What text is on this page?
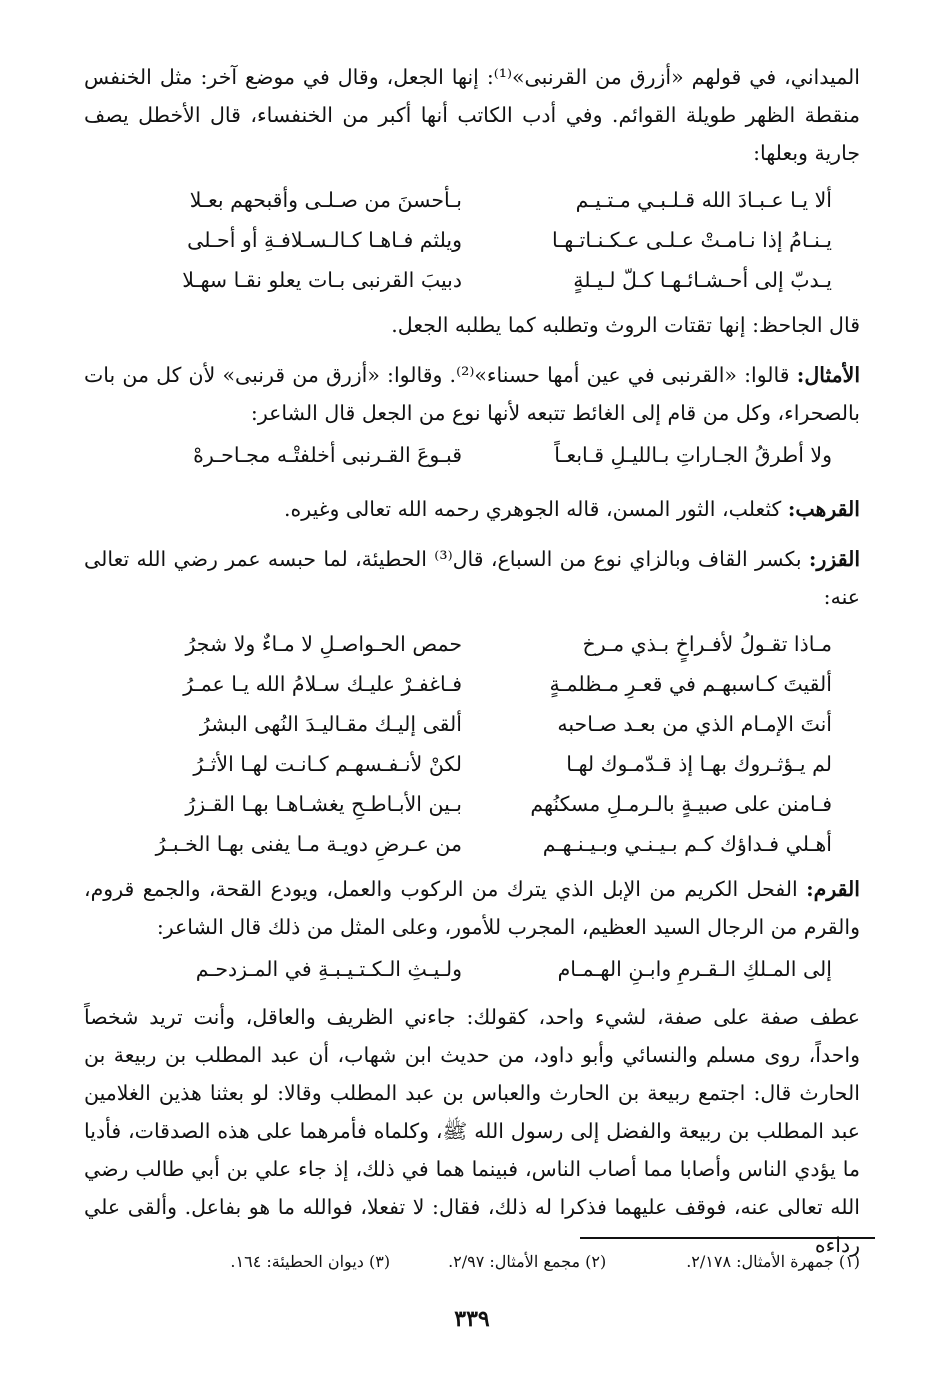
الميداني، في قولهم «أزرق من القرنبى»⁽¹⁾: إنها الجعل، وقال في موضع آخر: مثل الخنفس منقطة الظهر طويلة القوائم. وفي أدب الكاتب أنها أكبر من الخنفساء، قال الأخطل يصف جارية وبعلها:

ألا يـا عـبـادَ الله قـلـبـي مـتـيـم
بـأحسنَ من صـلـى وأقبحهم بعـلا
يـنـامُ إذا نـامـتْ عـلـى عـكـنـاتـهـا
ويلثم فـاهـا كـالـسـلافـةِ أو أحـلى
يـدبّ إلى أحـشـائـهـا كـلّ لـيـلةٍ
دبيبَ القرنبى بـات يعلو نقـا سهـلا

قال الجاحظ: إنها تقتات الروث وتطلبه كما يطلبه الجعل.

الأمثال: قالوا: «القرنبى في عين أمها حسناء»⁽²⁾. وقالوا: «أزرق من قرنبى» لأن كل من بات بالصحراء، وكل من قام إلى الغائط تتبعه لأنها نوع من الجعل قال الشاعر:

ولا أطرقُ الجـاراتِ بـالليـلِ قـابعـاً
قبـوعَ القـرنبى أخلفتْـه مجـاحـرهْ

القرهب: كثعلب، الثور المسن، قاله الجوهري رحمه الله تعالى وغيره.

القزر: بكسر القاف وبالزاي نوع من السباع، قال⁽³⁾ الحطيئة، لما حبسه عمر رضي الله تعالى عنه:

مـاذا تقـولُ لأفـراخٍ بـذي مـرخ
حمص الحـواصـلِ لا مـاءٌ ولا شجرُ
ألقيتَ كـاسبهـم في قعـرِ مـظلمـةٍ
فـاغفـرْ عليـك سـلامُ الله يـا عمـرُ
أنتَ الإمـام الذي من بعـد صـاحبه
ألقى إليـك مقـاليـدَ النُهى البشرُ
لم يـؤثـروك بهـا إذ قـدّمـوك لهـا
لكنْ لأنـفـسهـم كـانـت لهـا الأثـرُ
فـامنن على صبيـةٍ بالـرمـلِ مسكنُهم
بـين الأبـاطـحِ يغشـاهـا بهـا القـزرُ
أهـلي فـداؤك كـم بـيـنـي وبـيـنـهـم
من عـرضِ دويـة مـا يفنى بهـا الخـبـرُ

القرم: الفحل الكريم من الإبل الذي يترك من الركوب والعمل، ويودع القحة، والجمع قروم، والقرم من الرجال السيد العظيم، المجرب للأمور، وعلى المثل من ذلك قال الشاعر:

إلى المـلكِ الـقـرمِ وابـنِ الهـمـام
ولـيـثِ الـكـتـيـبـةِ في المـزدحـم

عطف صفة على صفة، لشيء واحد، كقولك: جاءني الظريف والعاقل، وأنت تريد شخصاً واحداً، روى مسلم والنسائي وأبو داود، من حديث ابن شهاب، أن عبد المطلب بن ربيعة بن الحارث قال: اجتمع ربيعة بن الحارث والعباس بن عبد المطلب وقالا: لو بعثنا هذين الغلامين عبد المطلب بن ربيعة والفضل إلى رسول الله ﷺ، وكلماه فأمرهما على هذه الصدقات، فأديا ما يؤدي الناس وأصابا مما أصاب الناس، فبينما هما في ذلك، إذ جاء علي بن أبي طالب رضي الله تعالى عنه، فوقف عليهما فذكرا له ذلك، فقال: لا تفعلا، فوالله ما هو بفاعل. وألقى علي رداءه

(١) جمهرة الأمثال: ٢/١٧٨.
(٢) مجمع الأمثال: ٢/٩٧.
(٣) ديوان الحطيئة: ١٦٤.
٣٣٩
